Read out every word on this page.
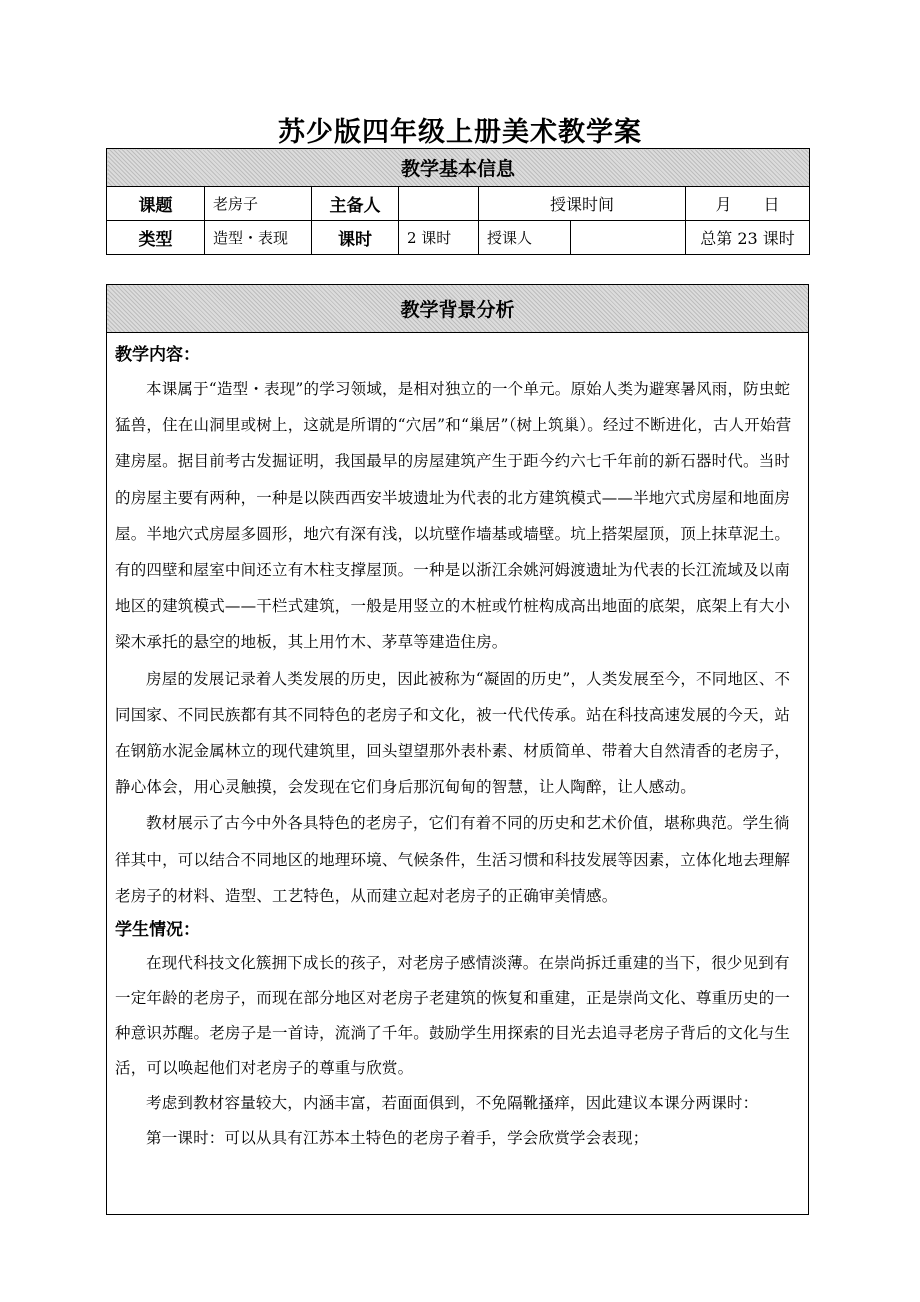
苏少版四年级上册美术教学案
教学基本信息						
课题	老房子	主备人		授课时间		月　　日
类型	造型・表现	课时	2 课时	授课人		总第 23 课时
教学背景分析

教学内容：

本课属于“造型・表现”的学习领域，是相对独立的一个单元。原始人类为避寒暑风雨，防虫蛇猛兽，住在山洞里或树上，这就是所谓的“穴居”和“巢居”（树上筑巢）。经过不断进化，古人开始营建房屋。据目前考古发掘证明，我国最早的房屋建筑产生于距今约六七千年前的新石器时代。当时的房屋主要有两种，一种是以陕西西安半坡遗址为代表的北方建筑模式——半地穴式房屋和地面房屋。半地穴式房屋多圆形，地穴有深有浅，以坑壁作墙基或墙壁。坑上搭架屋顶，顶上抹草泥土。有的四壁和屋室中间还立有木柱支撑屋顶。一种是以浙江余姚河姆渡遗址为代表的长江流域及以南地区的建筑模式——干栏式建筑，一般是用竖立的木桩或竹桩构成高出地面的底架，底架上有大小梁木承托的悬空的地板，其上用竹木、茅草等建造住房。

房屋的发展记录着人类发展的历史，因此被称为“凝固的历史”，人类发展至今，不同地区、不同国家、不同民族都有其不同特色的老房子和文化，被一代代传承。站在科技高速发展的今天，站在钢筋水泥金属林立的现代建筑里，回头望望那外表朴素、材质简单、带着大自然清香的老房子，静心体会，用心灵触摸，会发现在它们身后那沉甸甸的智慧，让人陶醉，让人感动。

教材展示了古今中外各具特色的老房子，它们有着不同的历史和艺术价值，堪称典范。学生徜徉其中，可以结合不同地区的地理环境、气候条件，生活习惯和科技发展等因素，立体化地去理解老房子的材料、造型、工艺特色，从而建立起对老房子的正确审美情感。

学生情况：

在现代科技文化簇拥下成长的孩子，对老房子感情淡薄。在崇尚拆迁重建的当下，很少见到有一定年龄的老房子，而现在部分地区对老房子老建筑的恢复和重建，正是崇尚文化、尊重历史的一种意识苏醒。老房子是一首诗，流淌了千年。鼓励学生用探索的目光去追寻老房子背后的文化与生活，可以唤起他们对老房子的尊重与欣赏。

考虑到教材容量较大，内涵丰富，若面面俱到，不免隔靴搔痒，因此建议本课分两课时：

第一课时：可以从具有江苏本土特色的老房子着手，学会欣赏学会表现；
